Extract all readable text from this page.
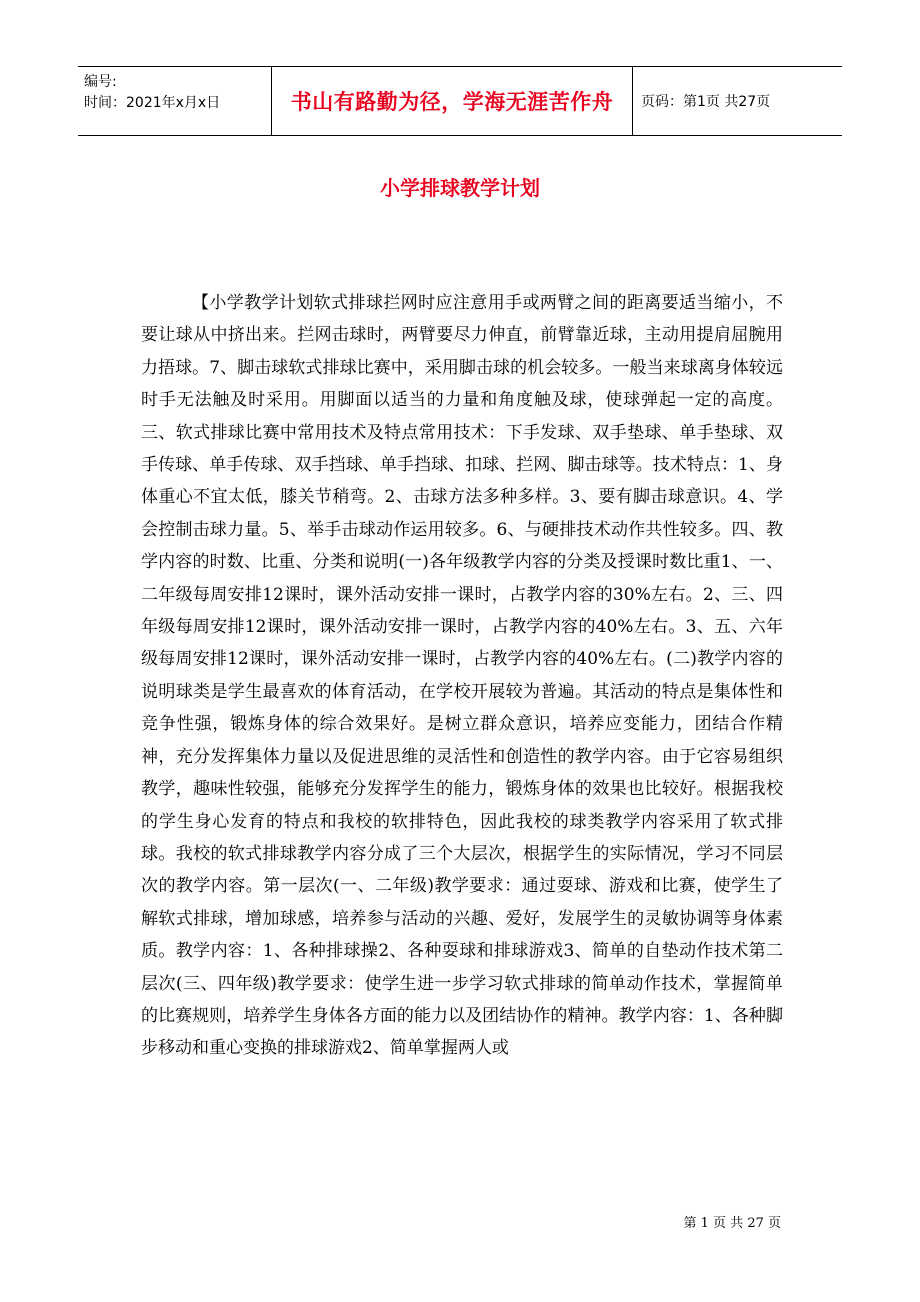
编号:
时间：2021年x月x日	书山有路勤为径，学海无涯苦作舟 页码：第1页 共27页
小学排球教学计划

【小学教学计划软式排球拦网时应注意用手或两臂之间的距离要适当缩小，不要让球从中挤出来。拦网击球时，两臂要尽力伸直，前臂靠近球，主动用提肩屈腕用力捂球。7、脚击球软式排球比赛中，采用脚击球的机会较多。一般当来球离身体较远时手无法触及时采用。用脚面以适当的力量和角度触及球，使球弹起一定的高度。三、软式排球比赛中常用技术及特点常用技术：下手发球、双手垫球、单手垫球、双手传球、单手传球、双手挡球、单手挡球、扣球、拦网、脚击球等。技术特点：1、身体重心不宜太低，膝关节稍弯。2、击球方法多种多样。3、要有脚击球意识。4、学会控制击球力量。5、举手击球动作运用较多。6、与硬排技术动作共性较多。四、教学内容的时数、比重、分类和说明(一)各年级教学内容的分类及授课时数比重1、一、二年级每周安排12课时，课外活动安排一课时，占教学内容的30%左右。2、三、四年级每周安排12课时，课外活动安排一课时，占教学内容的40%左右。3、五、六年级每周安排12课时，课外活动安排一课时，占教学内容的40%左右。(二)教学内容的说明球类是学生最喜欢的体育活动，在学校开展较为普遍。其活动的特点是集体性和竞争性强，锻炼身体的综合效果好。是树立群众意识，培养应变能力，团结合作精神，充分发挥集体力量以及促进思维的灵活性和创造性的教学内容。由于它容易组织教学，趣味性较强，能够充分发挥学生的能力，锻炼身体的效果也比较好。根据我校的学生身心发育的特点和我校的软排特色，因此我校的球类教学内容采用了软式排球。我校的软式排球教学内容分成了三个大层次，根据学生的实际情况，学习不同层次的教学内容。第一层次(一、二年级)教学要求：通过耍球、游戏和比赛，使学生了解软式排球，增加球感，培养参与活动的兴趣、爱好，发展学生的灵敏协调等身体素质。教学内容：1、各种排球操2、各种耍球和排球游戏3、简单的自垫动作技术第二层次(三、四年级)教学要求：使学生进一步学习软式排球的简单动作技术，掌握简单的比赛规则，培养学生身体各方面的能力以及团结协作的精神。教学内容：1、各种脚步移动和重心变换的排球游戏2、简单掌握两人或

第 1 页 共 27 页
